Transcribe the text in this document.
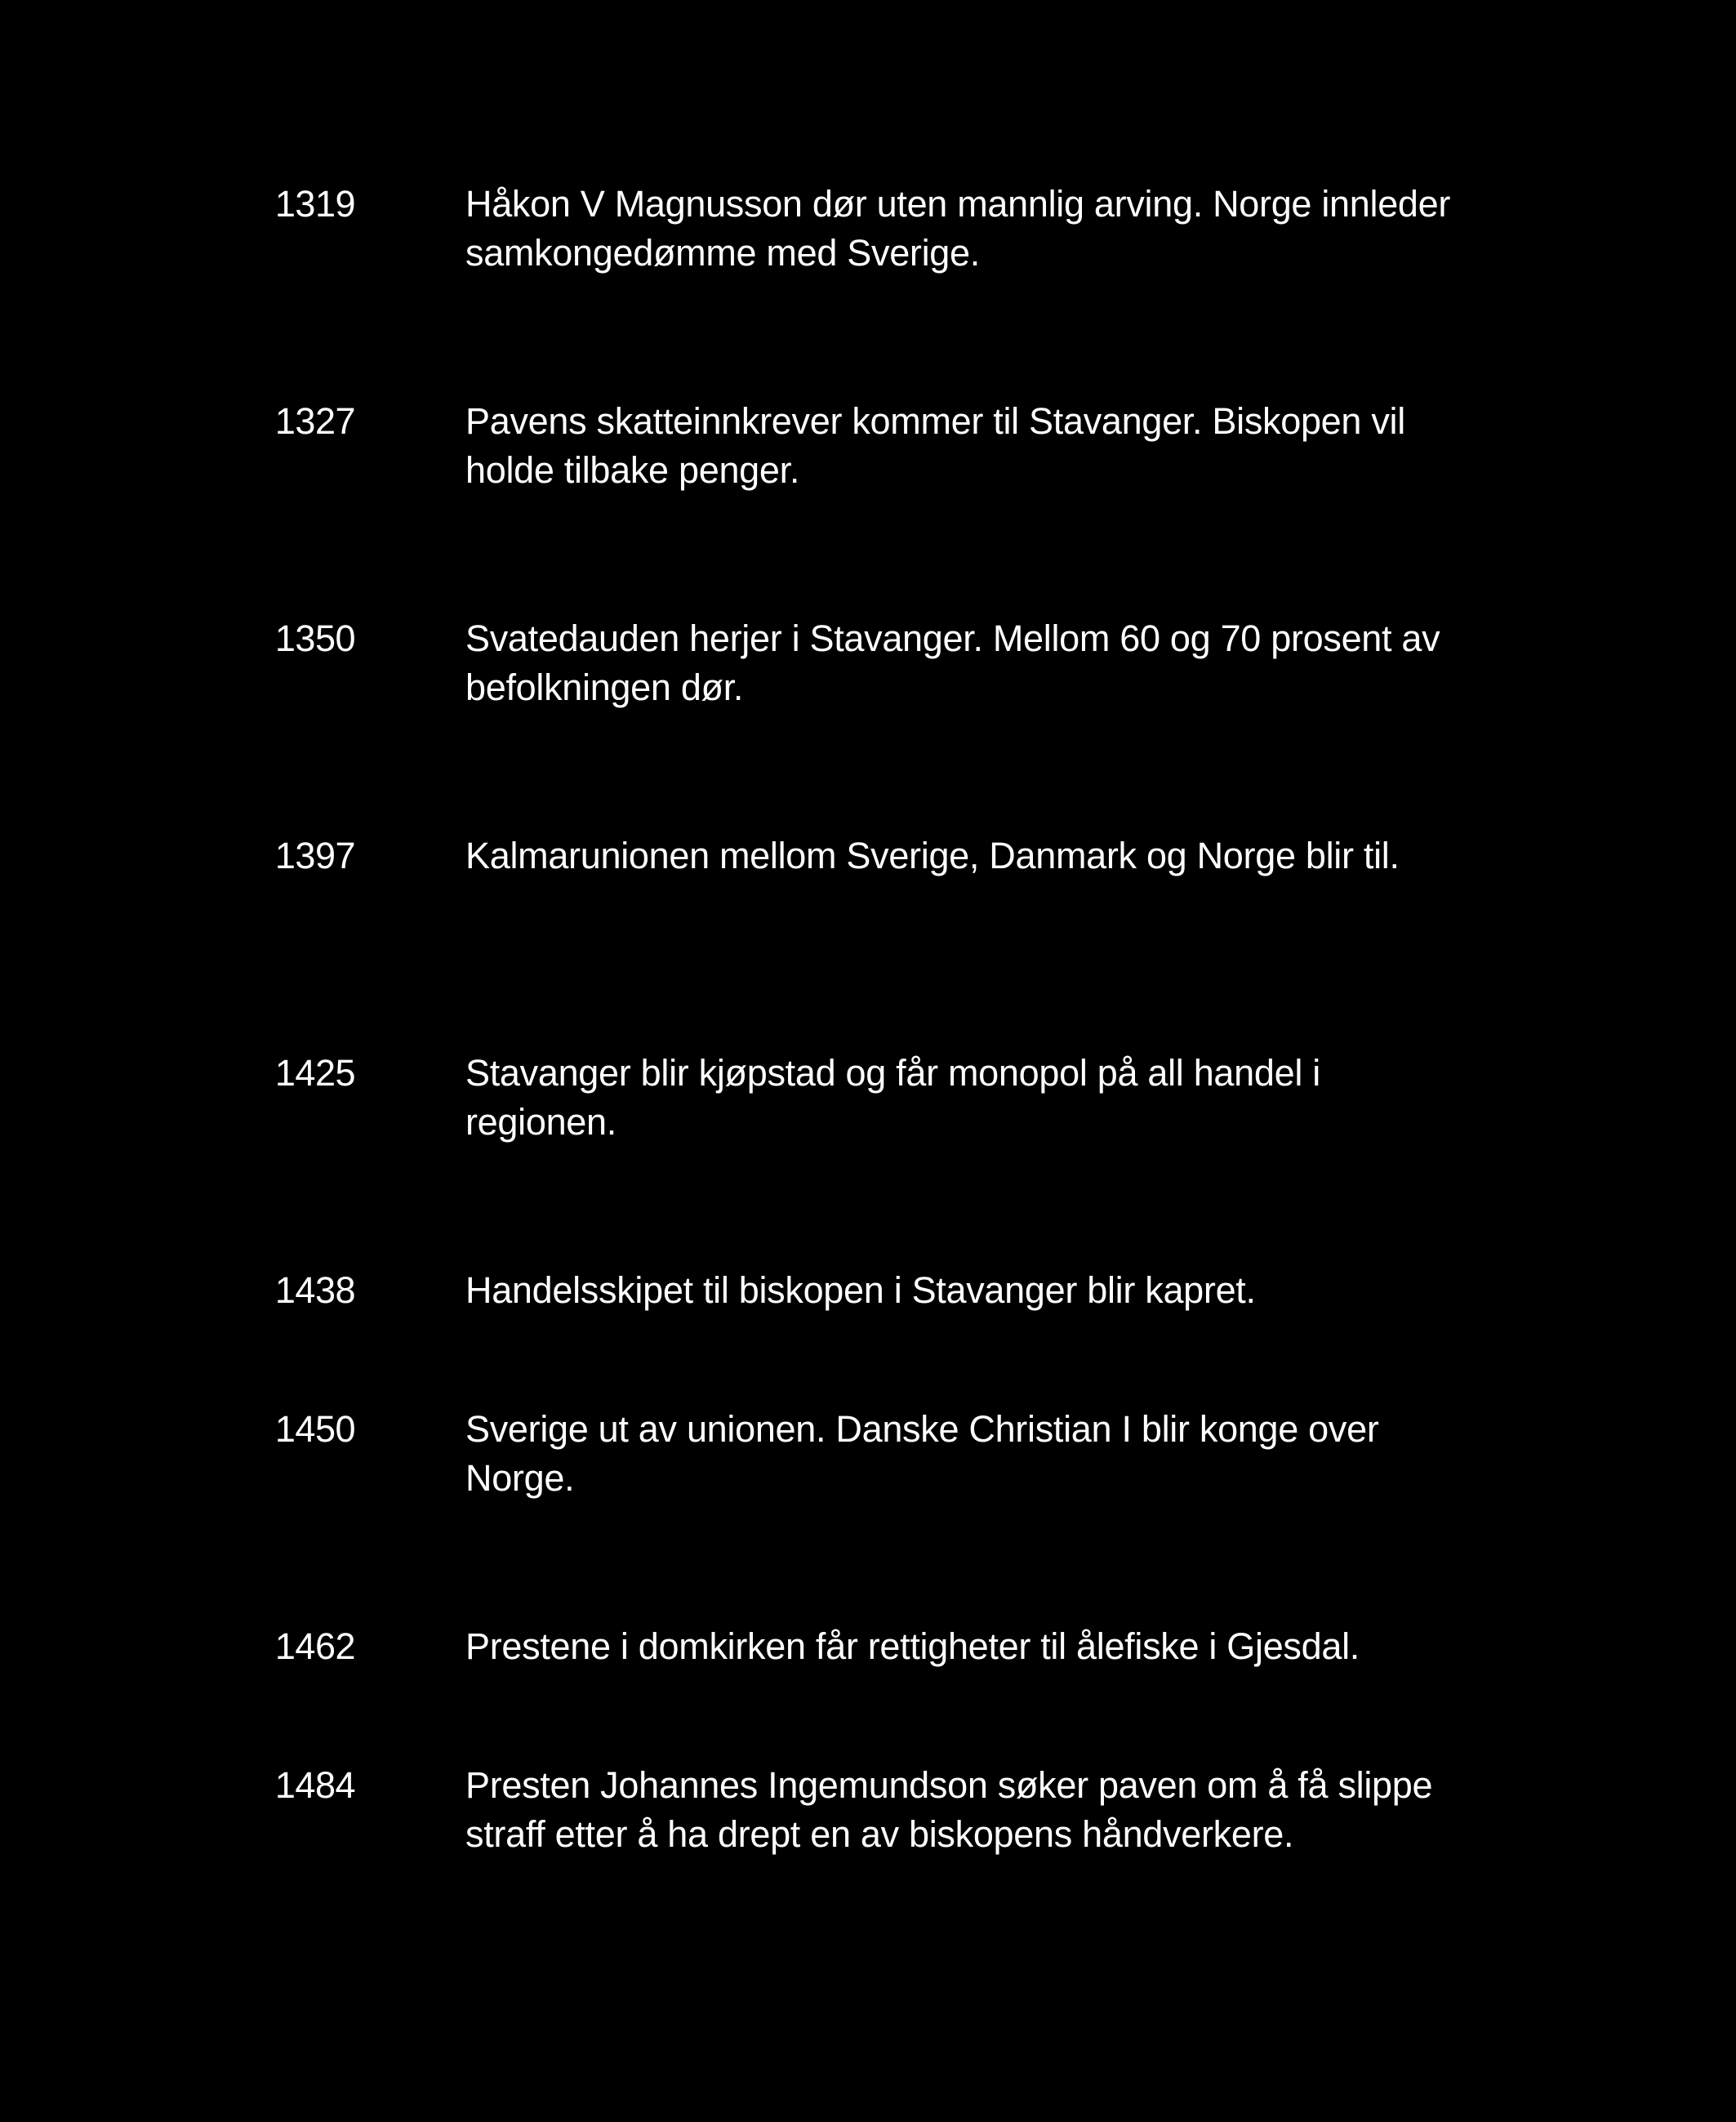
1319	Håkon V Magnusson dør uten mannlig arving. Norge innleder
samkongedømme med Sverige.
1327	Pavens skatteinnkrever kommer til Stavanger. Biskopen vil
holde tilbake penger.
1350	Svatedauden herjer i Stavanger. Mellom 60 og 70 prosent av
befolkningen dør.
1397	Kalmarunionen mellom Sverige, Danmark og Norge blir til.
1425	Stavanger blir kjøpstad og får monopol på all handel i
regionen.
1438	Handelsskipet til biskopen i Stavanger blir kapret.
1450	Sverige ut av unionen. Danske Christian I blir konge over
Norge.
1462	Prestene i domkirken får rettigheter til ålefiske i Gjesdal.
1484	Presten Johannes Ingemundson søker paven om å få slippe
straff etter å ha drept en av biskopens håndverkere.
